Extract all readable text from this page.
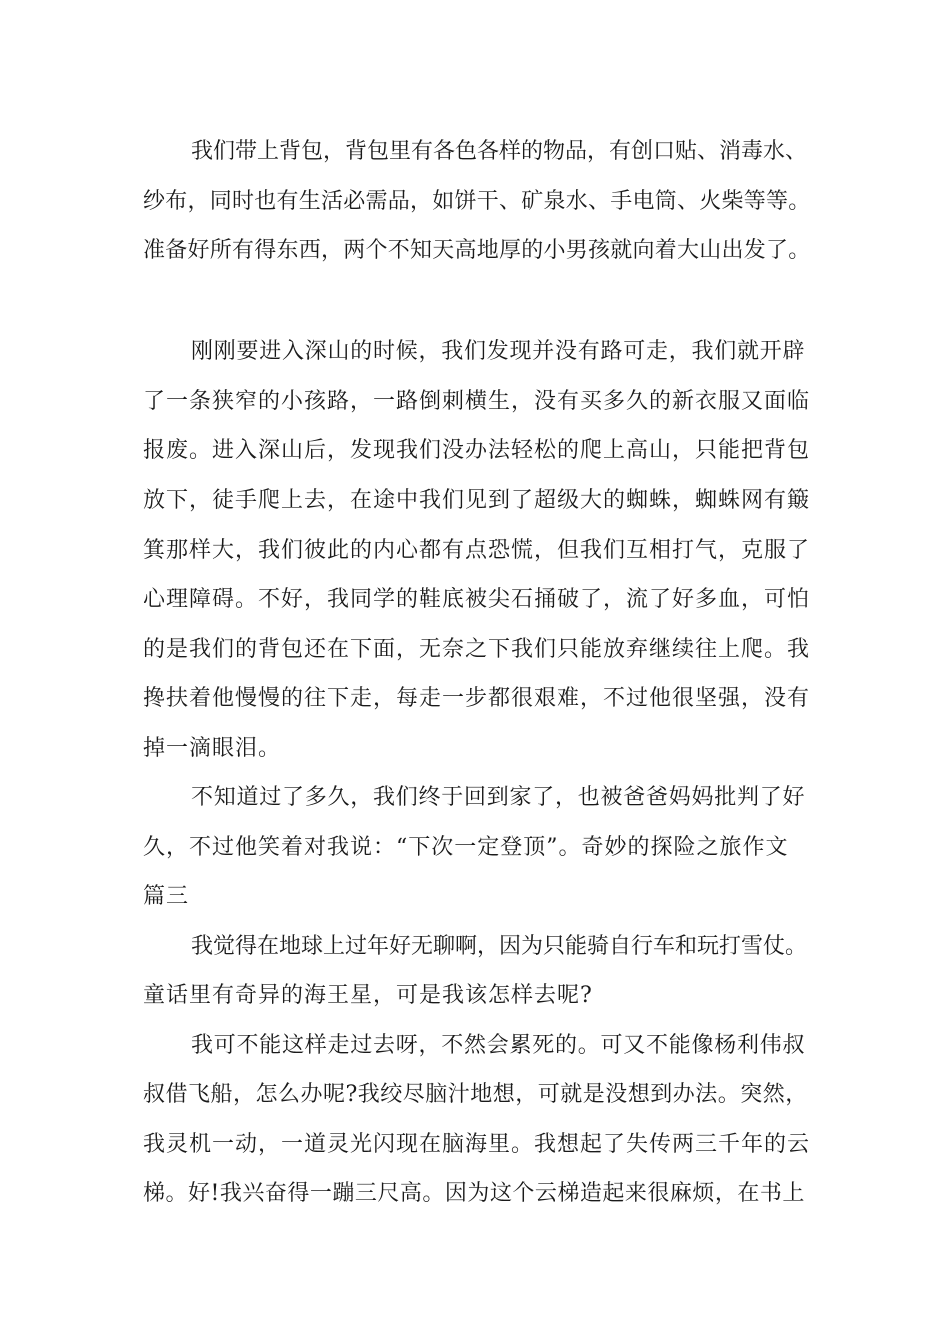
我们带上背包，背包里有各色各样的物品，有创口贴、消毒水、
纱布，同时也有生活必需品，如饼干、矿泉水、手电筒、火柴等等。
准备好所有得东西，两个不知天高地厚的小男孩就向着大山出发了。
刚刚要进入深山的时候，我们发现并没有路可走，我们就开辟
了一条狭窄的小孩路，一路倒刺横生，没有买多久的新衣服又面临
报废。进入深山后，发现我们没办法轻松的爬上高山，只能把背包
放下，徒手爬上去，在途中我们见到了超级大的蜘蛛，蜘蛛网有簸
箕那样大，我们彼此的内心都有点恐慌，但我们互相打气，克服了
心理障碍。不好，我同学的鞋底被尖石捅破了，流了好多血，可怕
的是我们的背包还在下面，无奈之下我们只能放弃继续往上爬。我
搀扶着他慢慢的往下走，每走一步都很艰难，不过他很坚强，没有
掉一滴眼泪。
不知道过了多久，我们终于回到家了，也被爸爸妈妈批判了好
久，不过他笑着对我说：“下次一定登顶”。奇妙的探险之旅作文
篇三
我觉得在地球上过年好无聊啊，因为只能骑自行车和玩打雪仗。
童话里有奇异的海王星，可是我该怎样去呢?
我可不能这样走过去呀，不然会累死的。可又不能像杨利伟叔
叔借飞船，怎么办呢?我绞尽脑汁地想，可就是没想到办法。突然，
我灵机一动，一道灵光闪现在脑海里。我想起了失传两三千年的云
梯。好!我兴奋得一蹦三尺高。因为这个云梯造起来很麻烦，在书上
